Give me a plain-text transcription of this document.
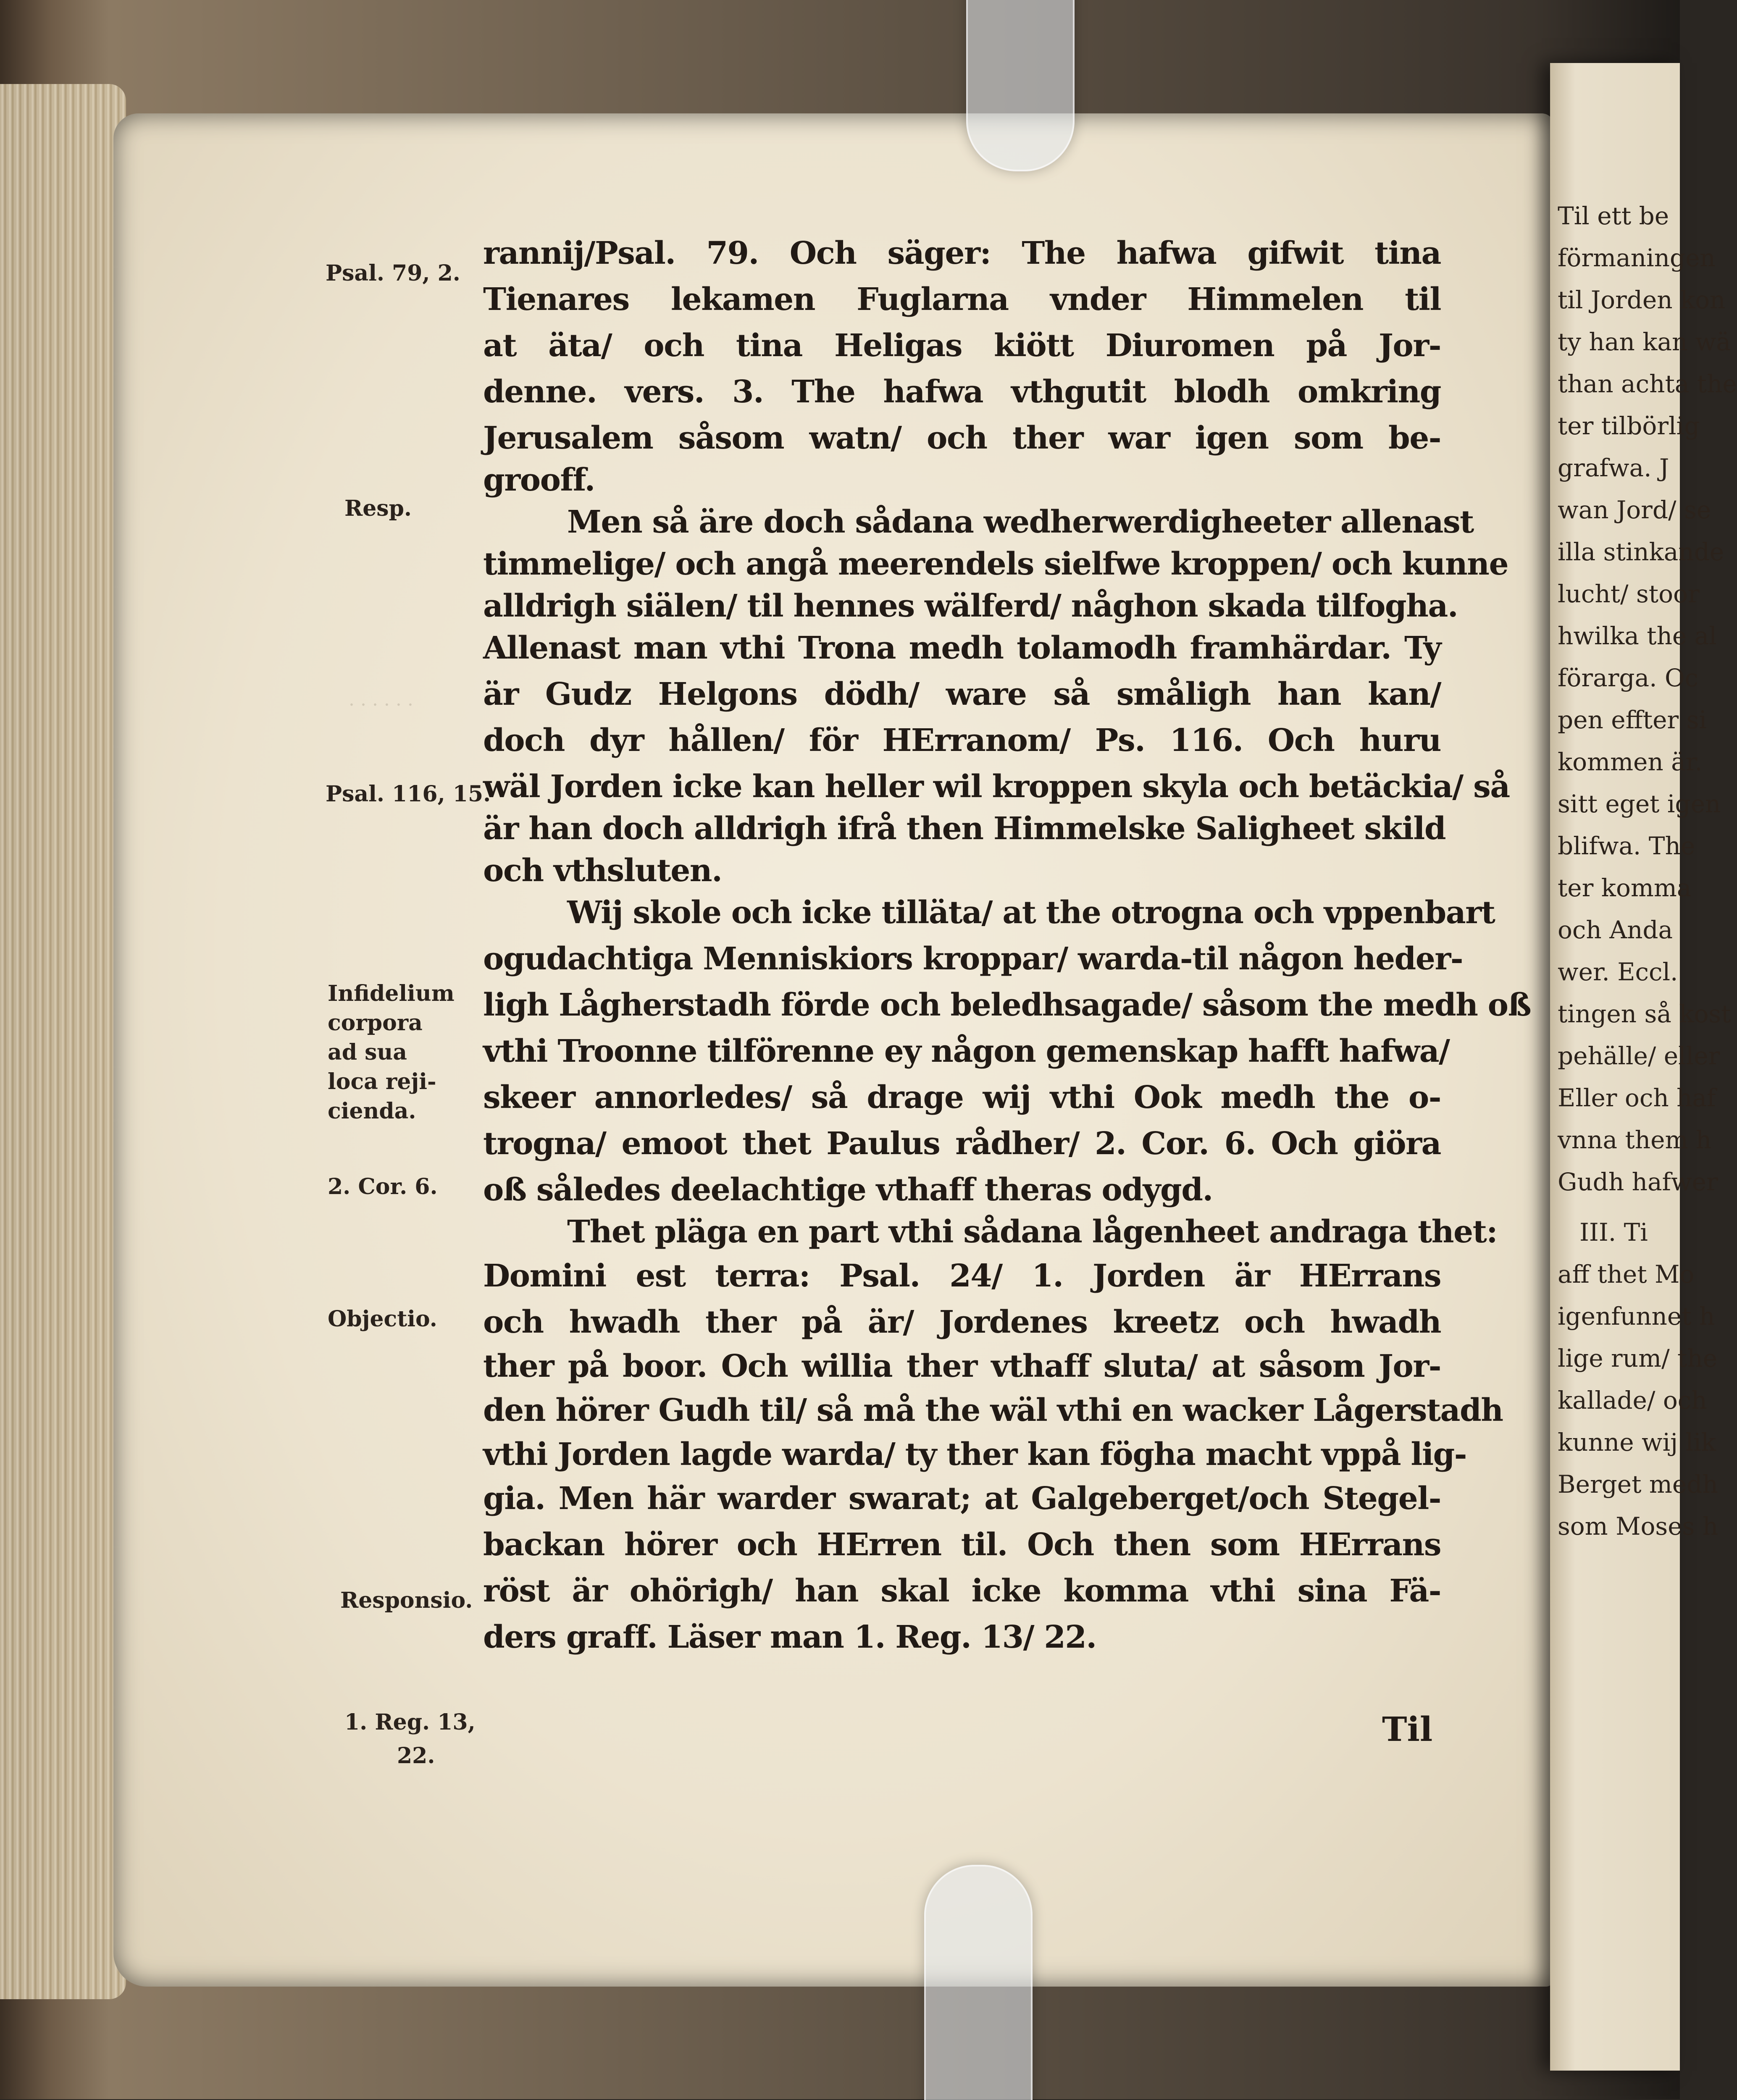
. . . . . .
Psal. 79, 2.
Resp.
Psal. 116, 15.
Infidelium
corpora
ad sua
loca reji-
cienda.
2. Cor. 6.
Objectio.
Responsio.
1. Reg. 13,
22.
rannij/Psal. 79. Och säger: The hafwa gifwit tina
Tienares lekamen Fuglarna vnder Himmelen til
at äta/ och tina Heligas kiött Diuromen på Jor-
denne. vers. 3. The hafwa vthgutit blodh omkring
Jerusalem såsom watn/ och ther war igen som be-
grooff.
Men så äre doch sådana wedherwerdigheeter allenast
timmelige/ och angå meerendels sielfwe kroppen/ och kunne
alldrigh siälen/ til hennes wälferd/ någhon skada tilfogha.
Allenast man vthi Trona medh tolamodh framhärdar. Ty
är Gudz Helgons dödh/ ware så småligh han kan/
doch dyr hållen/ för HErranom/ Ps. 116. Och huru
wäl Jorden icke kan heller wil kroppen skyla och betäckia/ så
är han doch alldrigh ifrå then Himmelske Saligheet skild
och vthsluten.
Wij skole och icke tilläta/ at the otrogna och vppenbart
ogudachtiga Menniskiors kroppar/ warda-til någon heder-
ligh Lågherstadh förde och beledhsagade/ såsom the medh oß
vthi Troonne tilförenne ey någon gemenskap hafft hafwa/
skeer annorledes/ så drage wij vthi Ook medh the o-
trogna/ emoot thet Paulus rådher/ 2. Cor. 6. Och giöra
oß således deelachtige vthaff theras odygd.
Thet pläga en part vthi sådana lågenheet andraga thet:
Domini est terra: Psal. 24/ 1. Jorden är HErrans
och hwadh ther på är/ Jordenes kreetz och hwadh
ther på boor. Och willia ther vthaff sluta/ at såsom Jor-
den hörer Gudh til/ så må the wäl vthi en wacker Lågerstadh
vthi Jorden lagde warda/ ty ther kan fögha macht vppå lig-
gia. Men här warder swarat; at Galgeberget/och Stegel-
backan hörer och HErren til. Och then som HErrans
röst är ohörigh/ han skal icke komma vthi sina Fä-
ders graff. Läser man 1. Reg. 13/ 22.
Til
Til ett be
förmaningen
til Jorden kon
ty han kan wä
than achta the
ter tilbörlig
grafwa. J
wan Jord/ se
illa stinkande
lucht/ stoor
hwilka the al
förarga. Oc
pen effter si
kommen är.
sitt eget igen
blifwa. The
ter komma
och Anda
wer. Eccl.
tingen så kost
pehälle/ eller
Eller och haf
vnna them h
Gudh hafwer
III. Ti
aff thet Mo
igenfunnet h
lige rum/ the
kallade/ och
kunne wij lik
Berget medh
som Moses h
